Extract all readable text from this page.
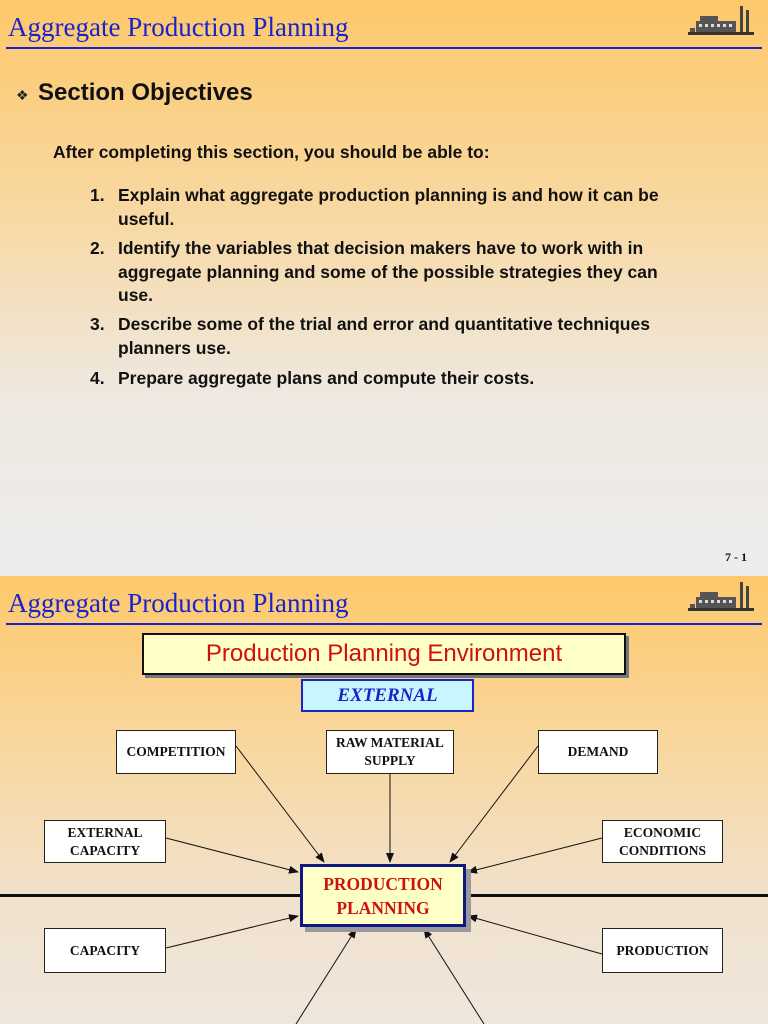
Aggregate Production Planning
❖ Section Objectives
After completing this section, you should be able to:
1. Explain what aggregate production planning is and how it can be
useful.
2. Identify the variables that decision makers have to work with in
aggregate planning and some of the possible strategies they can
use.
3. Describe some of the trial and error and quantitative techniques
planners use.
4. Prepare aggregate plans and compute their costs.
7 - 1
Aggregate Production Planning
Production Planning Environment
EXTERNAL
COMPETITION
RAW MATERIAL
SUPPLY
DEMAND
EXTERNAL
CAPACITY
ECONOMIC
CONDITIONS
CAPACITY	PRODUCTION
PRODUCTION
PLANNING
